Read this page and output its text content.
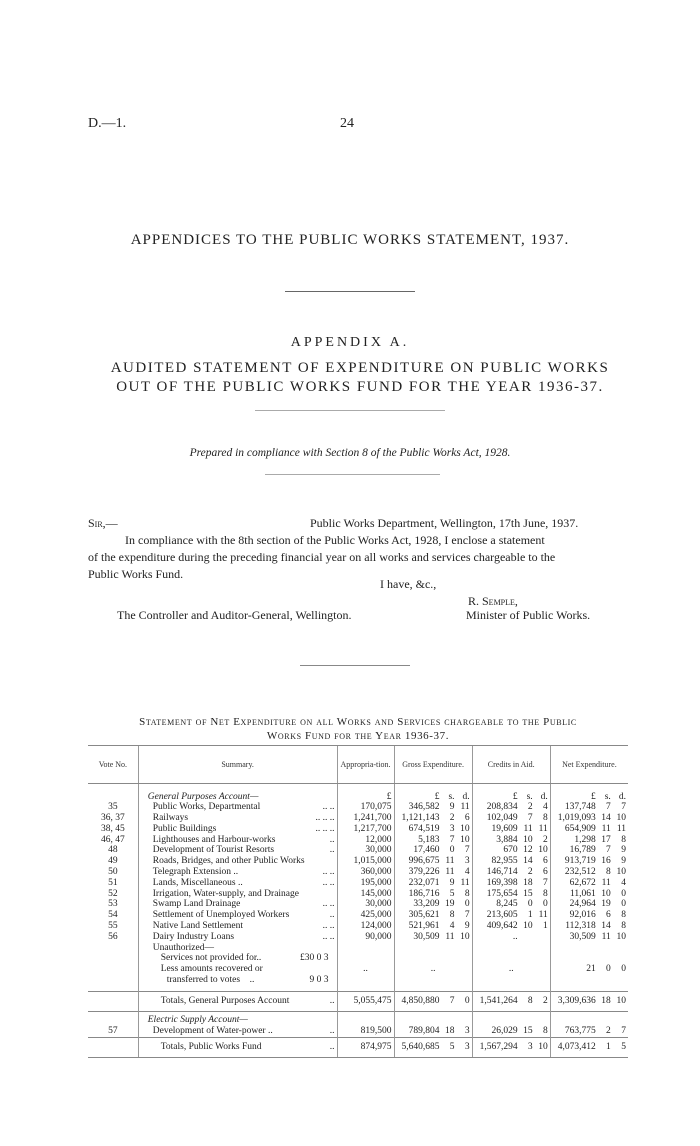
D.—1.	24
APPENDICES TO THE PUBLIC WORKS STATEMENT, 1937.
APPENDIX A.
AUDITED STATEMENT OF EXPENDITURE ON PUBLIC WORKS
OUT OF THE PUBLIC WORKS FUND FOR THE YEAR 1936-37.
Prepared in compliance with Section 8 of the Public Works Act, 1928.
Sir,—	Public Works Department, Wellington, 17th June, 1937.
In compliance with the 8th section of the Public Works Act, 1928, I enclose a statement
of the expenditure during the preceding financial year on all works and services chargeable to the
Public Works Fund.
I have, &c.,
R. Semple,
The Controller and Auditor-General, Wellington.	Minister of Public Works.
Statement of Net Expenditure on all Works and Services chargeable to the Public
Works Fund for the Year 1936-37.
Vote No.	Summary.	Appropria-tion.	Gross Expenditure.			Credits in Aid.			Net Expenditure.		

	General Purposes Account—	£	£	s.	d.	£	s.	d.	£	s.	d.
35	Public Works, Departmental .. ..	170,075	346,582	9	11	208,834	2	4	137,748	7	7
36, 37	Railways .. .. ..	1,241,700	1,121,143	2	6	102,049	7	8	1,019,093	14	10
38, 45	Public Buildings .. .. ..	1,217,700	674,519	3	10	19,609	11	11	654,909	11	11
46, 47	Lighthouses and Harbour-works ..	12,000	5,183	7	10	3,884	10	2	1,298	17	8
48	Development of Tourist Resorts ..	30,000	17,460	0	7	670	12	10	16,789	7	9
49	Roads, Bridges, and other Public Works	1,015,000	996,675	11	3	82,955	14	6	913,719	16	9
50	Telegraph Extension .. .. ..	360,000	379,226	11	4	146,714	2	6	232,512	8	10
51	Lands, Miscellaneous .. .. ..	195,000	232,071	9	11	169,398	18	7	62,672	11	4
52	Irrigation, Water-supply, and Drainage	145,000	186,716	5	8	175,654	15	8	11,061	10	0
53	Swamp Land Drainage .. ..	30,000	33,209	19	0	8,245	0	0	24,964	19	0
54	Settlement of Unemployed Workers ..	425,000	305,621	8	7	213,605	1	11	92,016	6	8
55	Native Land Settlement .. ..	124,000	521,961	4	9	409,642	10	1	112,318	14	8
56	Dairy Industry Loans .. ..	90,000	30,509	11	10	..			30,509	11	10
	Unauthorized—										
	Services not provided for.. £30 0 3										

	Less amounts recovered or	..	..			..			21	0	0
	transferred to votes .. 9 0 3										

	Totals, General Purposes Account ..	5,055,475	4,850,880	7	0	1,541,264	8	2	3,309,636	18	10
	Electric Supply Account—										
57	Development of Water-power .. ..	819,500	789,804	18	3	26,029	15	8	763,775	2	7
	Totals, Public Works Fund ..	874,975	5,640,685	5	3	1,567,294	3	10	4,073,412	1	5
